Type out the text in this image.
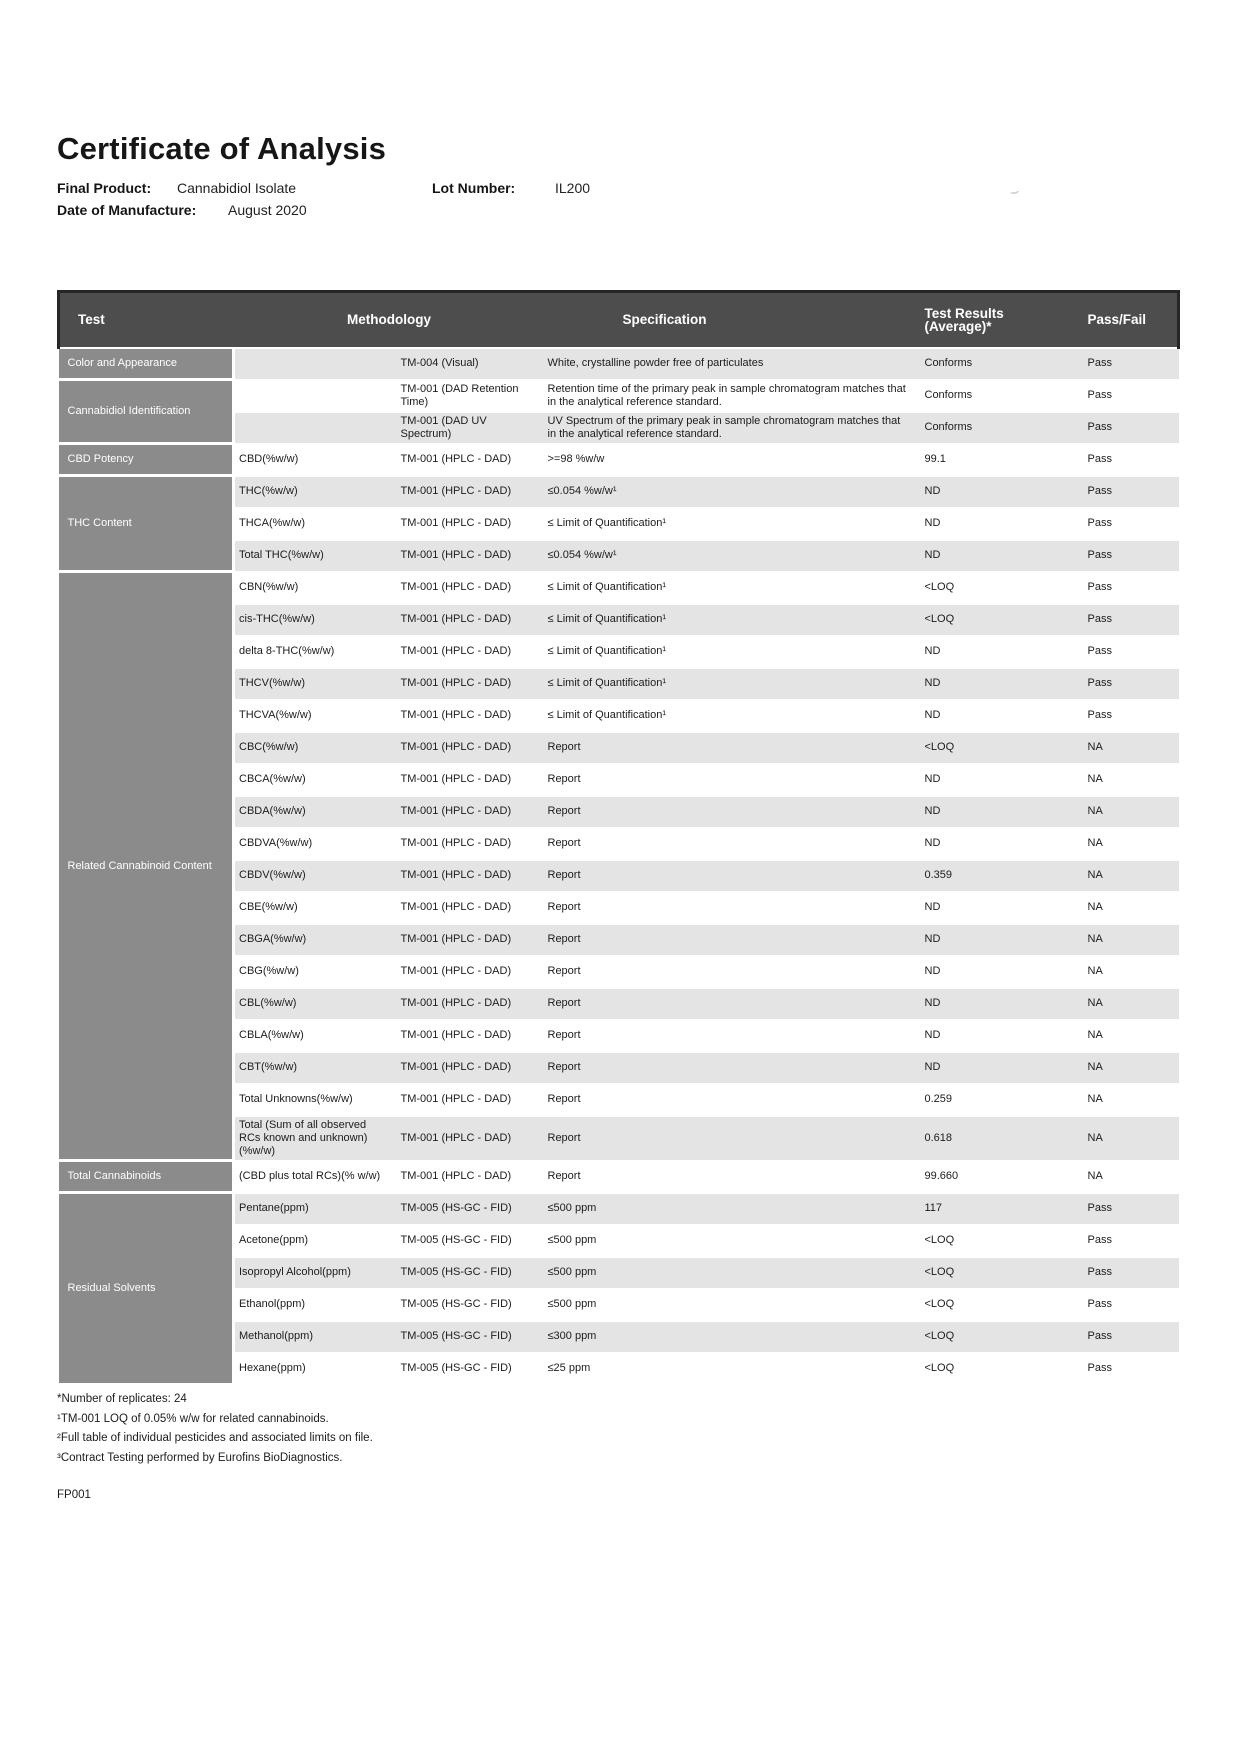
Certificate of Analysis
Final Product: Cannabidiol Isolate	Lot Number:	IL200
Date of Manufacture: August 2020
Test	Methodology		Specification	Test Results (Average)*	Pass/Fail
Color and Appearance		TM-004 (Visual)	White, crystalline powder free of particulates	Conforms	Pass
Cannabidiol Identification		TM-001 (DAD Retention Time)	Retention time of the primary peak in sample chromatogram matches that in the analytical reference standard.	Conforms	Pass
		TM-001 (DAD UV Spectrum)	UV Spectrum of the primary peak in sample chromatogram matches that in the analytical reference standard.	Conforms	Pass
CBD Potency	CBD(%w/w)	TM-001 (HPLC - DAD)	>=98 %w/w	99.1	Pass
THC Content	THC(%w/w)	TM-001 (HPLC - DAD)	≤0.054 %w/w¹	ND	Pass
	THCA(%w/w)	TM-001 (HPLC - DAD)	≤ Limit of Quantification¹	ND	Pass
	Total THC(%w/w)	TM-001 (HPLC - DAD)	≤0.054 %w/w¹	ND	Pass
Related Cannabinoid Content	CBN(%w/w)	TM-001 (HPLC - DAD)	≤ Limit of Quantification¹	<LOQ	Pass
	cis-THC(%w/w)	TM-001 (HPLC - DAD)	≤ Limit of Quantification¹	<LOQ	Pass
	delta 8-THC(%w/w)	TM-001 (HPLC - DAD)	≤ Limit of Quantification¹	ND	Pass
	THCV(%w/w)	TM-001 (HPLC - DAD)	≤ Limit of Quantification¹	ND	Pass
	THCVA(%w/w)	TM-001 (HPLC - DAD)	≤ Limit of Quantification¹	ND	Pass
	CBC(%w/w)	TM-001 (HPLC - DAD)	Report	<LOQ	NA
	CBCA(%w/w)	TM-001 (HPLC - DAD)	Report	ND	NA
	CBDA(%w/w)	TM-001 (HPLC - DAD)	Report	ND	NA
	CBDVA(%w/w)	TM-001 (HPLC - DAD)	Report	ND	NA
	CBDV(%w/w)	TM-001 (HPLC - DAD)	Report	0.359	NA
	CBE(%w/w)	TM-001 (HPLC - DAD)	Report	ND	NA
	CBGA(%w/w)	TM-001 (HPLC - DAD)	Report	ND	NA
	CBG(%w/w)	TM-001 (HPLC - DAD)	Report	ND	NA
	CBL(%w/w)	TM-001 (HPLC - DAD)	Report	ND	NA
	CBLA(%w/w)	TM-001 (HPLC - DAD)	Report	ND	NA
	CBT(%w/w)	TM-001 (HPLC - DAD)	Report	ND	NA
	Total Unknowns(%w/w)	TM-001 (HPLC - DAD)	Report	0.259	NA
	Total (Sum of all observed RCs known and unknown) (%w/w)	TM-001 (HPLC - DAD)	Report	0.618	NA
Total Cannabinoids	(CBD plus total RCs)(% w/w)	TM-001 (HPLC - DAD)	Report	99.660	NA
Residual Solvents	Pentane(ppm)	TM-005 (HS-GC - FID)	≤500 ppm	117	Pass
	Acetone(ppm)	TM-005 (HS-GC - FID)	≤500 ppm	<LOQ	Pass
	Isopropyl Alcohol(ppm)	TM-005 (HS-GC - FID)	≤500 ppm	<LOQ	Pass
	Ethanol(ppm)	TM-005 (HS-GC - FID)	≤500 ppm	<LOQ	Pass
	Methanol(ppm)	TM-005 (HS-GC - FID)	≤300 ppm	<LOQ	Pass
	Hexane(ppm)	TM-005 (HS-GC - FID)	≤25 ppm	<LOQ	Pass
*Number of replicates: 24
¹TM-001 LOQ of 0.05% w/w for related cannabinoids.
²Full table of individual pesticides and associated limits on file.
³Contract Testing performed by Eurofins BioDiagnostics.
FP001
